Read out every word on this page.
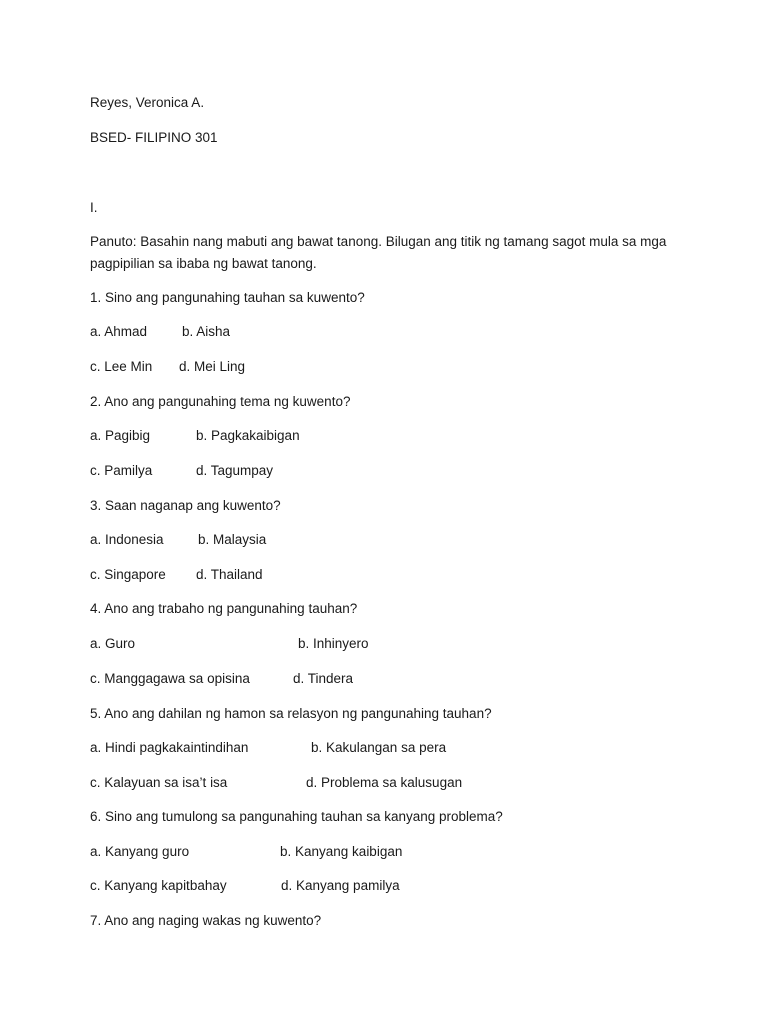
Reyes, Veronica A.
BSED- FILIPINO 301
I.
Panuto: Basahin nang mabuti ang bawat tanong. Bilugan ang titik ng tamang sagot mula sa mga pagpipilian sa ibaba ng bawat tanong.
1. Sino ang pangunahing tauhan sa kuwento?
a. Ahmad	b. Aisha
c. Lee Min d. Mei Ling
2. Ano ang pangunahing tema ng kuwento?
a. Pagibig	b. Pagkakaibigan
c. Pamilya	d. Tagumpay
3. Saan naganap ang kuwento?
a. Indonesia	b. Malaysia
c. Singapore d. Thailand
4. Ano ang trabaho ng pangunahing tauhan?
a. Guro	b. Inhinyero
c. Manggagawa sa opisina	d. Tindera
5. Ano ang dahilan ng hamon sa relasyon ng pangunahing tauhan?
a. Hindi pagkakaintindihan	b. Kakulangan sa pera
c. Kalayuan sa isa’t isa	d. Problema sa kalusugan
6. Sino ang tumulong sa pangunahing tauhan sa kanyang problema?
a. Kanyang guro	b. Kanyang kaibigan
c. Kanyang kapitbahay	d. Kanyang pamilya
7. Ano ang naging wakas ng kuwento?
